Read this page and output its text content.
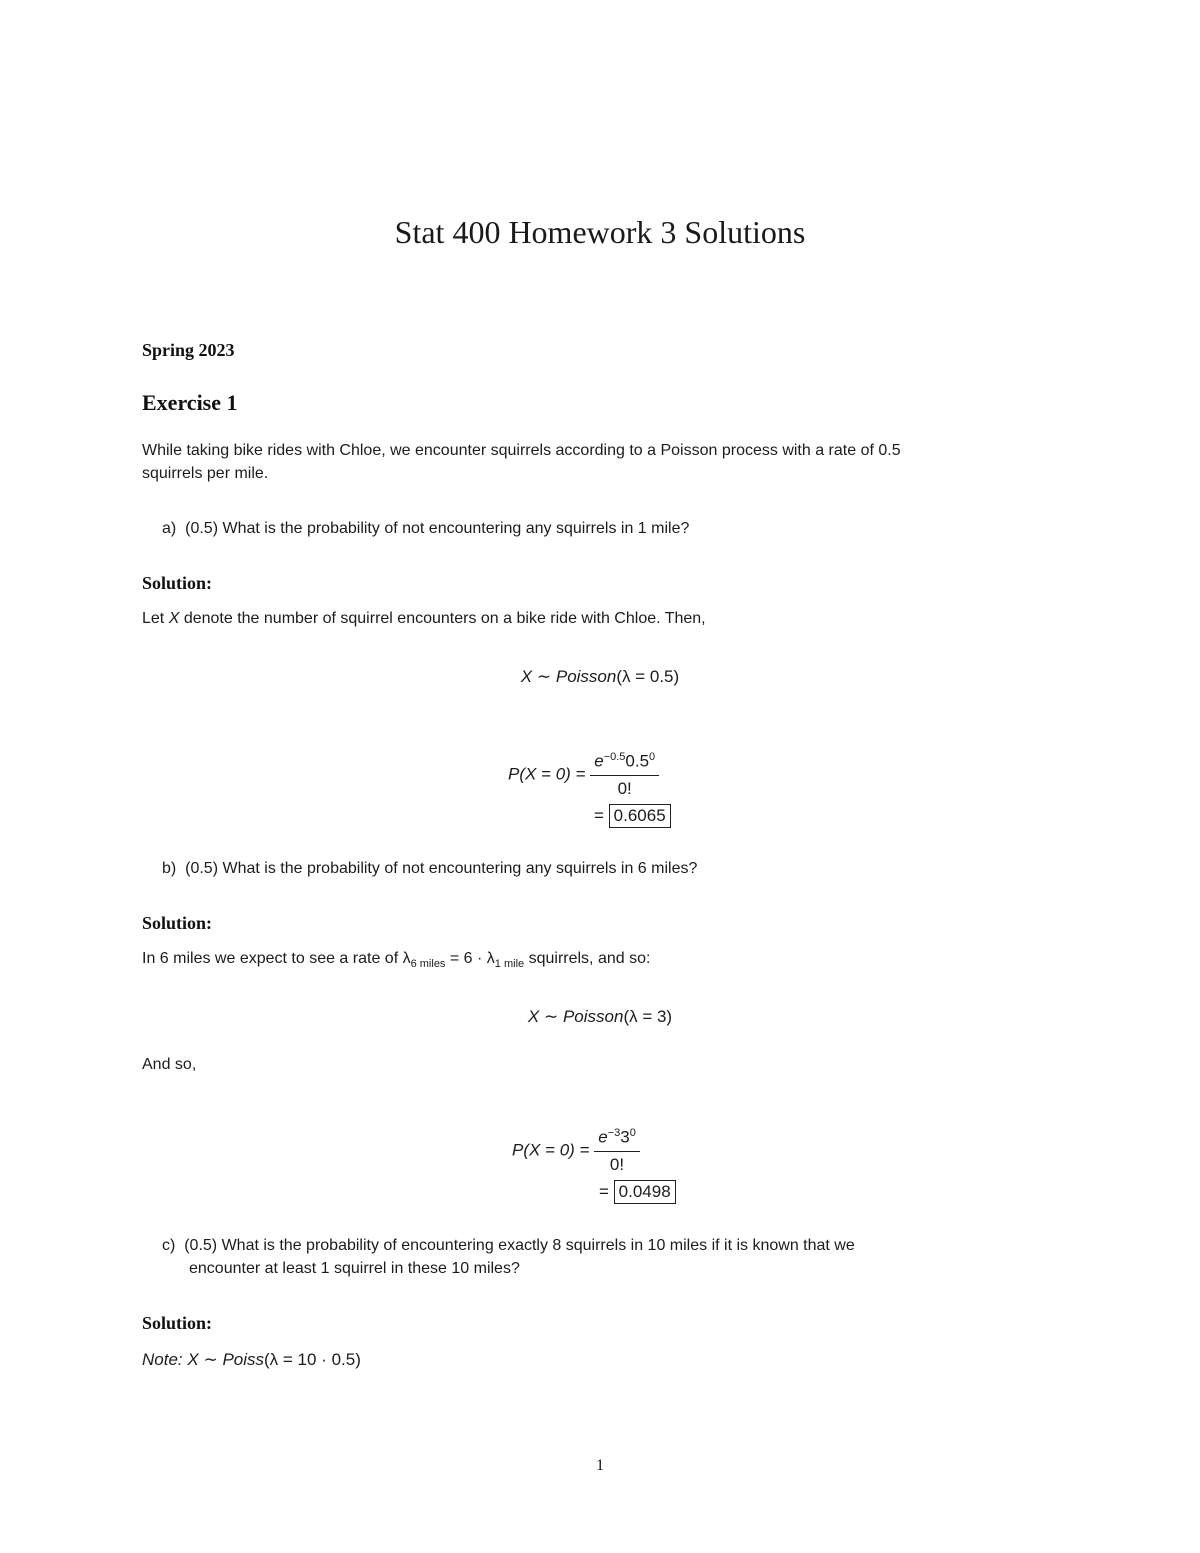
Stat 400 Homework 3 Solutions
Spring 2023
Exercise 1
While taking bike rides with Chloe, we encounter squirrels according to a Poisson process with a rate of 0.5
squirrels per mile.
a) (0.5) What is the probability of not encountering any squirrels in 1 mile?
Solution:
Let X denote the number of squirrel encounters on a bike ride with Chloe. Then,
X ∼ Poisson(λ = 0.5)
$P(X = 0) = \frac{e^{-0.5}0.5^0}{0!}$
= 0.6065
b) (0.5) What is the probability of not encountering any squirrels in 6 miles?
Solution:
In 6 miles we expect to see a rate of $\lambda_{6 miles} = 6 \cdot \lambda_{1 mile}$ squirrels, and so:
X ∼ Poisson(λ = 3)
And so,
$P(X = 0) = \frac{e^{-3}3^0}{0!}$
= 0.0498
c) (0.5) What is the probability of encountering exactly 8 squirrels in 10 miles if it is known that we
encounter at least 1 squirrel in these 10 miles?
Solution:
Note: X ∼ Poiss(λ = 10 · 0.5)
1
